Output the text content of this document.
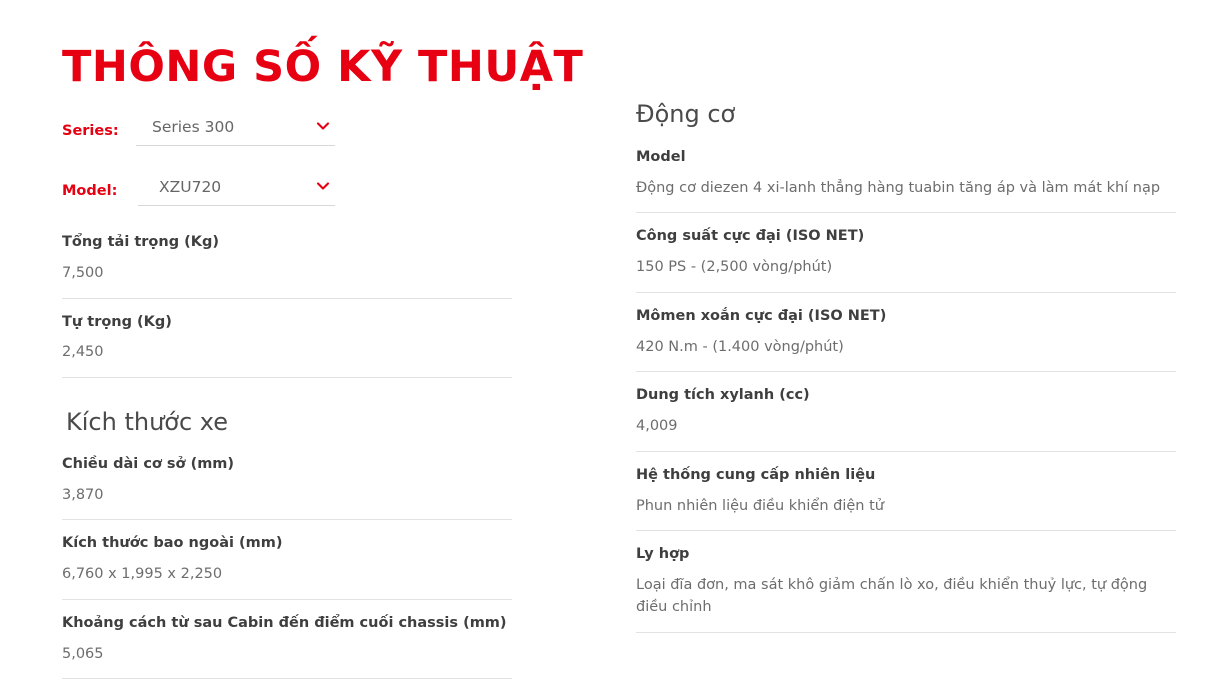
THÔNG SỐ KỸ THUẬT
Series:	Series 300
Model:	XZU720

Tổng tải trọng (Kg)

7,500

Tự trọng (Kg)

2,450

Kích thước xe

Chiều dài cơ sở (mm)

3,870

Kích thước bao ngoài (mm)

6,760 x 1,995 x 2,250

Khoảng cách từ sau Cabin đến điểm cuối chassis (mm)

5,065

Động cơ

Model

Động cơ diezen 4 xi-lanh thẳng hàng tuabin tăng áp và làm mát khí nạp

Công suất cực đại (ISO NET)

150 PS - (2,500 vòng/phút)

Mômen xoắn cực đại (ISO NET)

420 N.m - (1.400 vòng/phút)

Dung tích xylanh (cc)

4,009

Hệ thống cung cấp nhiên liệu

Phun nhiên liệu điều khiển điện tử

Ly hợp

Loại đĩa đơn, ma sát khô giảm chấn lò xo, điều khiển thuỷ lực, tự động điều chỉnh
